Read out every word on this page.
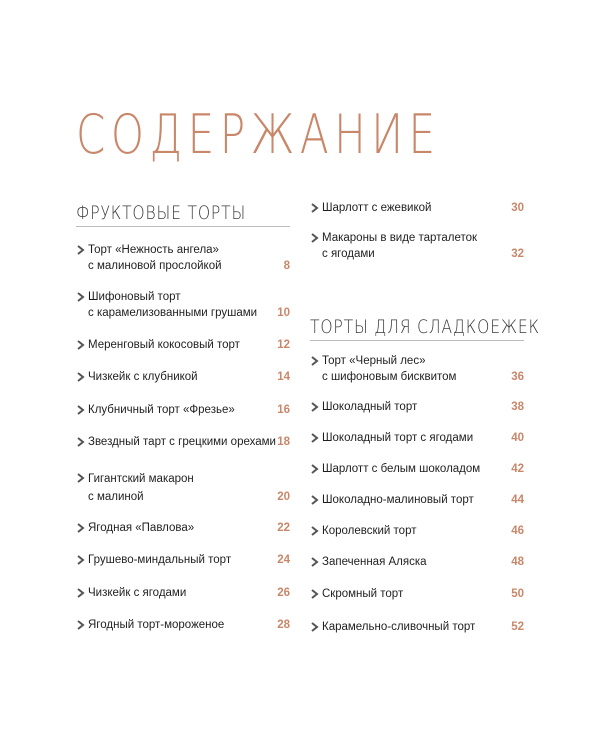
СОДЕРЖАНИЕ
ФРУКТОВЫЕ ТОРТЫ
Торт «Нежность ангела»
с малиновой прослойкой	8
Шифоновый торт
с карамелизованными грушами	10
Меренговый кокосовый торт	12
Чизкейк с клубникой	14
Клубничный торт «Фрезье»	16
Звездный тарт с грецкими орехами 18
Гигантский макарон
с малиной	20
Ягодная «Павлова»	22
Грушево-миндальный торт	24
Чизкейк с ягодами	26
Ягодный торт-мороженое	28
Шарлотт с ежевикой	30
Макароны в виде тарталеток
с ягодами	32
ТОРТЫ ДЛЯ СЛАДКОЕЖЕК
Торт «Черный лес»
с шифоновым бисквитом	36
Шоколадный торт	38
Шоколадный торт с ягодами	40
Шарлотт с белым шоколадом	42
Шоколадно-малиновый торт	44
Королевский торт	46
Запеченная Аляска	48
Скромный торт	50
Карамельно-сливочный торт	52
